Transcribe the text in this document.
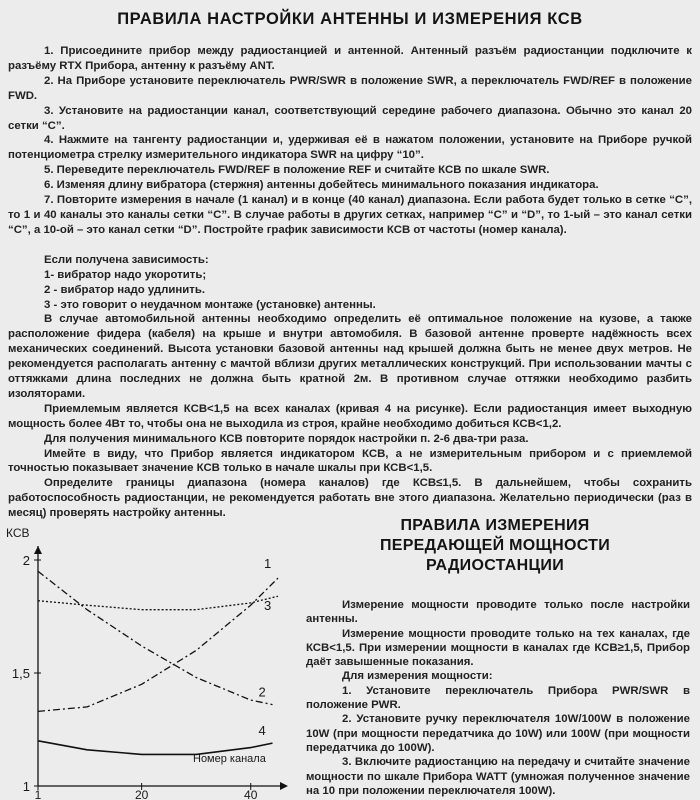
ПРАВИЛА НАСТРОЙКИ АНТЕННЫ И ИЗМЕРЕНИЯ КСВ

1. Присоедините прибор между радиостанцией и антенной. Антенный разъём радиостанции подключите к разъёму RTX Прибора, антенну к разъёму ANT.

2. На Приборе установите переключатель PWR/SWR в положение SWR, а переключатель FWD/REF в положение FWD.

3. Установите на радиостанции канал, соответствующий середине рабочего диапазона. Обычно это канал 20 сетки “С”.

4. Нажмите на тангенту радиостанции и, удерживая её в нажатом положении, установите на Приборе ручкой потенциометра стрелку измерительного индикатора SWR на цифру “10”.

5. Переведите переключатель FWD/REF в положение REF и считайте КСВ по шкале SWR.

6. Изменяя длину вибратора (стержня) антенны добейтесь минимального показания индикатора.

7. Повторите измерения в начале (1 канал) и в конце (40 канал) диапазона. Если работа будет только в сетке “С”, то 1 и 40 каналы это каналы сетки “С”. В случае работы в других сетках, например “С” и “D”, то 1-ый – это канал сетки “С”, а 10-ой – это канал сетки “D”. Постройте график зависимости КСВ от частоты (номер канала).

Если получена зависимость:

1- вибратор надо укоротить;

2 - вибратор надо удлинить.

3 - это говорит о неудачном монтаже (установке) антенны.

В случае автомобильной антенны необходимо определить её оптимальное положение на кузове, а также расположение фидера (кабеля) на крыше и внутри автомобиля. В базовой антенне проверте надёжность всех механических соединений. Высота установки базовой антенны над крышей должна быть не менее двух метров. Не рекомендуется располагать антенну с мачтой вблизи других металлических конструкций. При использовании мачты с оттяжками длина последних не должна быть кратной 2м. В противном случае оттяжки необходимо разбить изоляторами.

Приемлемым является КСВ<1,5 на всех каналах (кривая 4 на рисунке). Если радиостанция имеет выходную мощность более 4Вт то, чтобы она не выходила из строя, крайне необходимо добиться КСВ<1,2.

Для получения минимального КСВ повторите порядок настройки п. 2-6 два-три раза.

Имейте в виду, что Прибор является индикатором КСВ, а не измерительным прибором и с приемлемой точностью показывает значение КСВ только в начале шкалы при КСВ<1,5.

Определите границы диапазона (номера каналов) где КСВ≤1,5. В дальнейшем, чтобы сохранить работоспособность радиостанции, не рекомендуется работать вне этого диапазона. Желательно периодически (раз в месяц) проверять настройку антенны.

КСВ
Номер канала
1
1,5
2
1	20	40
1
2
3
4
ПРАВИЛА ИЗМЕРЕНИЯ
ПЕРЕДАЮЩЕЙ МОЩНОСТИ
РАДИОСТАНЦИИ

Измерение мощности проводите только после настройки антенны.

Измерение мощности проводите только на тех каналах, где КСВ<1,5. При измерении мощности в каналах где КСВ≥1,5, Прибор даёт завышенные показания.

Для измерения мощности:

1. Установите переключатель Прибора PWR/SWR в положение PWR.

2. Установите ручку переключателя 10W/100W в положение 10W (при мощности передатчика до 10W) или 100W (при мощности передатчика до 100W).

3. Включите радиостанцию на передачу и считайте значение мощности по шкале Прибора WATT (умножая полученное значение на 10 при положении переключателя 100W).
